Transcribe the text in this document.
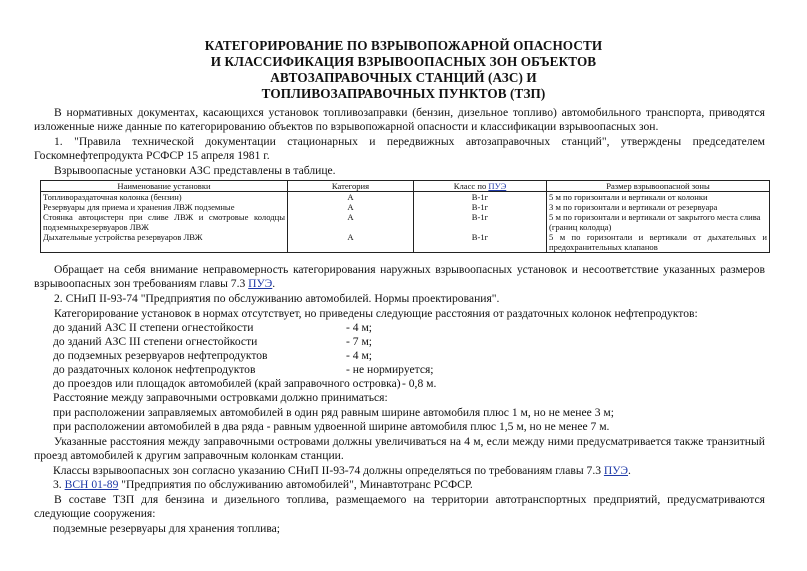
КАТЕГОРИРОВАНИЕ ПО ВЗРЫВОПОЖАРНОЙ ОПАСНОСТИ
И КЛАССИФИКАЦИЯ ВЗРЫВООПАСНЫХ ЗОН ОБЪЕКТОВ
АВТОЗАПРАВОЧНЫХ СТАНЦИЙ (АЗС) И
ТОПЛИВОЗАПРАВОЧНЫХ ПУНКТОВ (ТЗП)
В нормативных документах, касающихся установок топливозаправки (бензин, дизельное топливо) автомобильного транспорта, приводятся изложенные ниже данные по категорированию объектов по взрывопожарной опасности и классификации взрывоопасных зон.
1. "Правила технической документации стационарных и передвижных автозаправочных станций", утверждены председателем Госкомнефтепродукта РСФСР 15 апреля 1981 г.
Взрывоопасные установки АЗС представлены в таблице.
Наименование установки	Категория	Класс по ПУЭ	Размер взрывоопасной зоны
Топливораздаточная колонка (бензин)	А	В-1г	5 м по горизонтали и вертикали от колонки
Резервуары для приема и хранения ЛВЖ подземные	А	В-1г	3 м по горизонтали и вертикали от резервуара
Стоянка автоцистерн при сливе ЛВЖ и смотровые колодцы подземныхрезервуаров ЛВЖ	А	В-1г	5 м по горизонтали и вертикали от закрытого места слива (границ колодца)
Дыхательные устройства резервуаров ЛВЖ	А	В-1г	5 м по горизонтали и вертикали от дыхательных и предохранительных клапанов
Обращает на себя внимание неправомерность категорирования наружных взрывоопасных установок и несоответствие указанных размеров взрывоопасных зон требованиям главы 7.3 ПУЭ.
2. СНиП II-93-74 "Предприятия по обслуживанию автомобилей. Нормы проектирования".
Категорирование установок в нормах отсутствует, но приведены следующие расстояния от раздаточных колонок нефтепродуктов:
до зданий АЗС II степени огнестойкости	- 4 м;
до зданий АЗС III степени огнестойкости	- 7 м;
до подземных резервуаров нефтепродуктов	- 4 м;
до раздаточных колонок нефтепродуктов	- не нормируется;
до проездов или площадок автомобилей (край заправочного островка) - 0,8 м.
Расстояние между заправочными островками должно приниматься:
при расположении заправляемых автомобилей в один ряд равным ширине автомобиля плюс 1 м, но не менее 3 м;
при расположении автомобилей в два ряда - равным удвоенной ширине автомобиля плюс 1,5 м, но не менее 7 м.
Указанные расстояния между заправочными островами должны увеличиваться на 4 м, если между ними предусматривается также транзитный проезд автомобилей к другим заправочным колонкам станции.
Классы взрывоопасных зон согласно указанию СНиП II-93-74 должны определяться по требованиям главы 7.3 ПУЭ.
3. ВСН 01-89 "Предприятия по обслуживанию автомобилей", Минавтотранс РСФСР.
В составе ТЗП для бензина и дизельного топлива, размещаемого на территории автотранспортных предприятий, предусматриваются следующие сооружения:
подземные резервуары для хранения топлива;
